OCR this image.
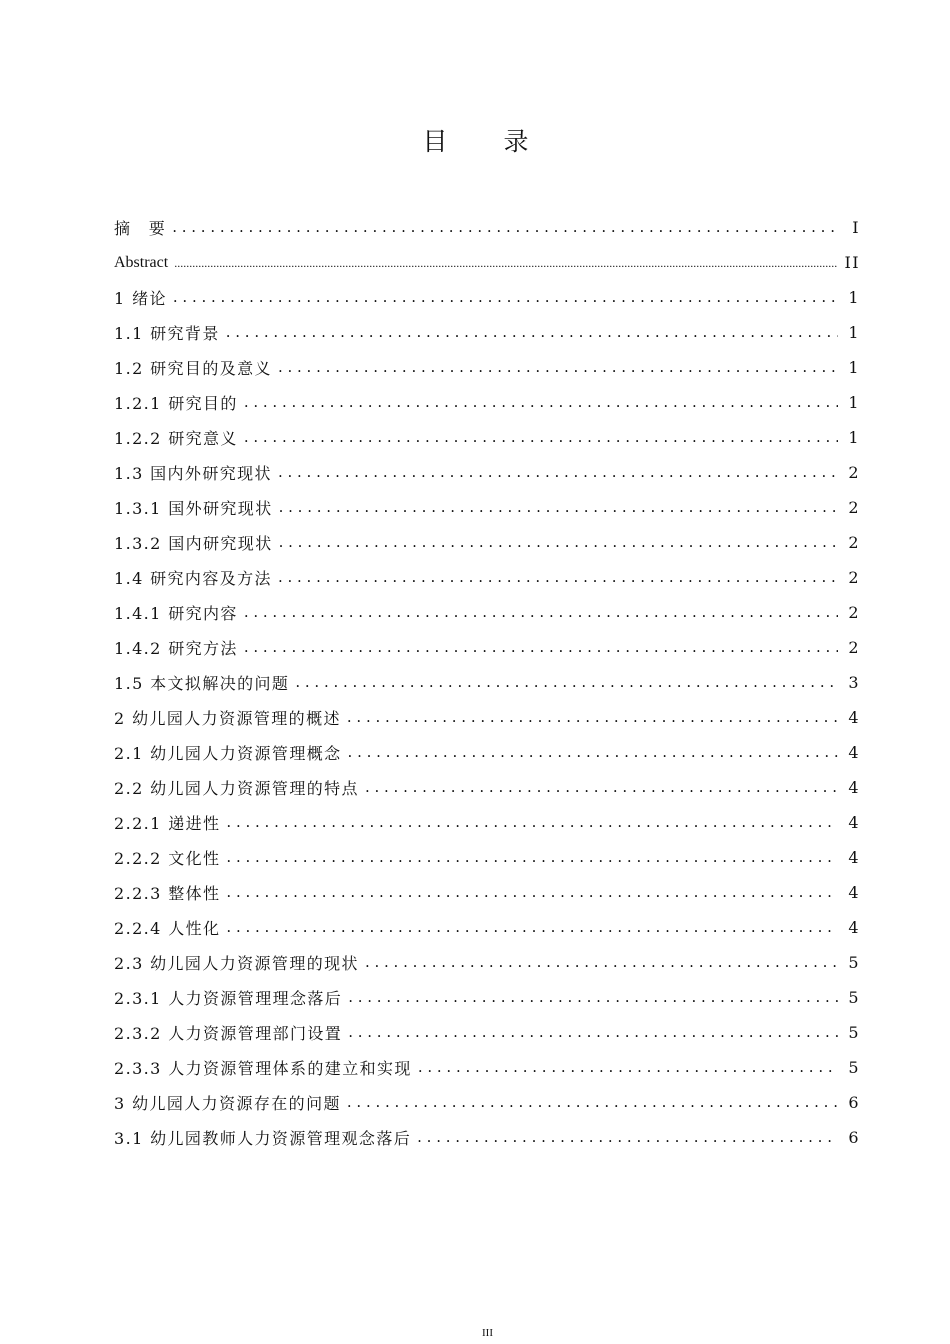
目 录
摘　要 . . .	I
Abstract .....	II
1 绪论 . . .	1
1.1 研究背景 . . .	1
1.2 研究目的及意义 . . .	1
1.2.1 研究目的 . . .	1
1.2.2 研究意义 . . .	1
1.3 国内外研究现状 . . .	2
1.3.1 国外研究现状 . . .	2
1.3.2 国内研究现状 . . .	2
1.4 研究内容及方法 . . .	2
1.4.1 研究内容 . . .	2
1.4.2 研究方法 . . .	2
1.5 本文拟解决的问题 . . .	3
2 幼儿园人力资源管理的概述 . . .	4
2.1 幼儿园人力资源管理概念 . . .	4
2.2 幼儿园人力资源管理的特点 . . .	4
2.2.1 递进性 . . .	4
2.2.2 文化性 . . .	4
2.2.3 整体性 . . .	4
2.2.4 人性化 . . .	4
2.3 幼儿园人力资源管理的现状 . . .	5
2.3.1 人力资源管理理念落后 . . .	5
2.3.2 人力资源管理部门设置 . . .	5
2.3.3 人力资源管理体系的建立和实现 . . .	5
3 幼儿园人力资源存在的问题 . . .	6
3.1 幼儿园教师人力资源管理观念落后 . . .	6
III
